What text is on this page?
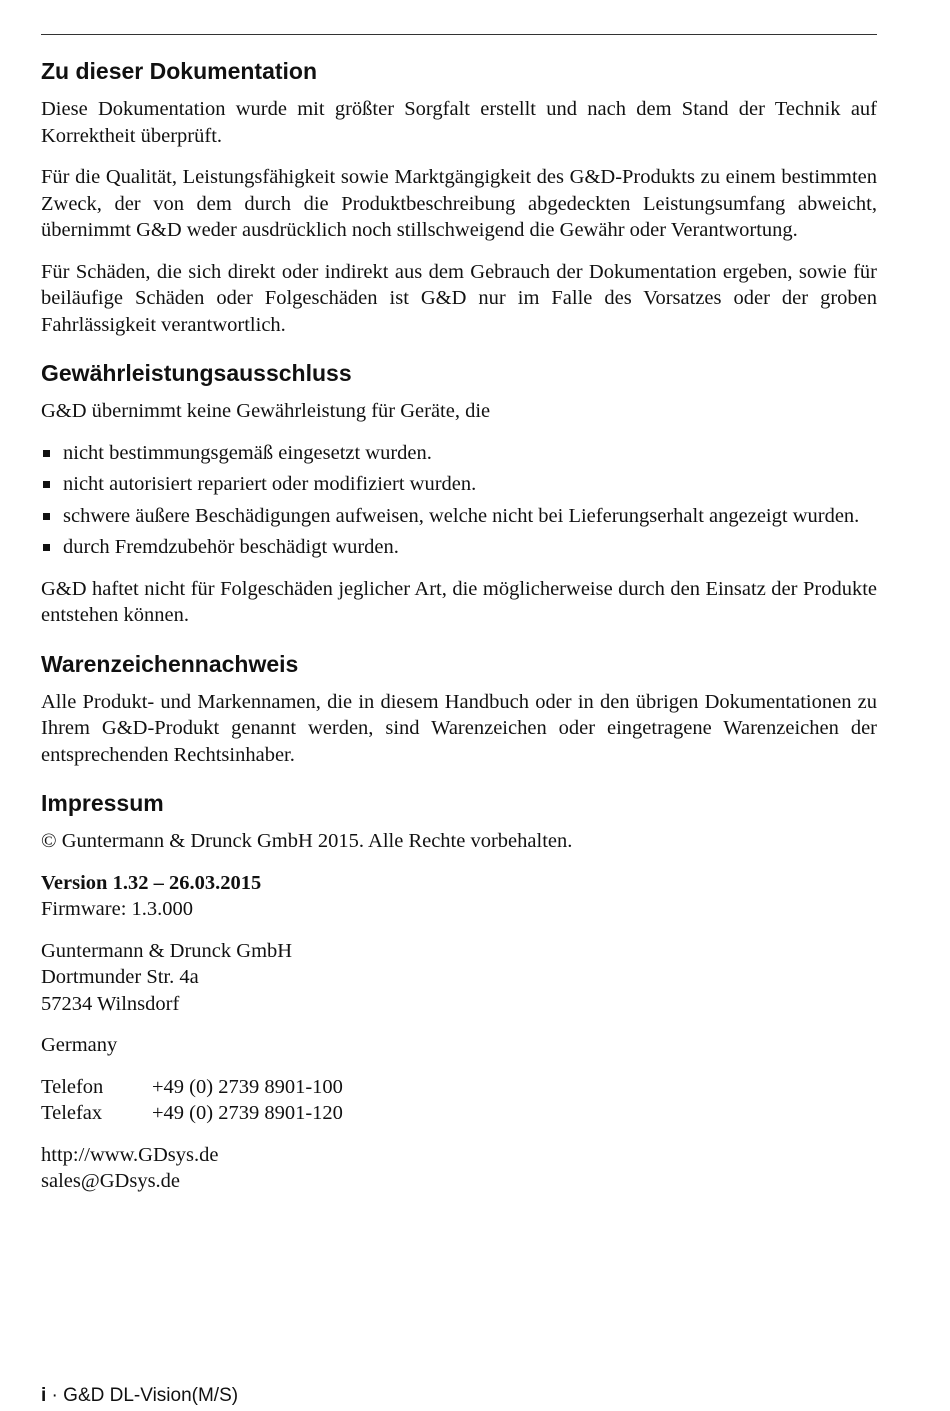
Zu dieser Dokumentation

Diese Dokumentation wurde mit größter Sorgfalt erstellt und nach dem Stand der Technik auf Korrektheit überprüft.

Für die Qualität, Leistungsfähigkeit sowie Marktgängigkeit des G&D-Produkts zu einem bestimmten Zweck, der von dem durch die Produktbeschreibung abgedeckten Leistungsumfang abweicht, übernimmt G&D weder ausdrücklich noch stillschweigend die Gewähr oder Verantwortung.

Für Schäden, die sich direkt oder indirekt aus dem Gebrauch der Dokumentation ergeben, sowie für beiläufige Schäden oder Folgeschäden ist G&D nur im Falle des Vorsatzes oder der groben Fahrlässigkeit verantwortlich.

Gewährleistungsausschluss

G&D übernimmt keine Gewährleistung für Geräte, die

nicht bestimmungsgemäß eingesetzt wurden.
nicht autorisiert repariert oder modifiziert wurden.
schwere äußere Beschädigungen aufweisen, welche nicht bei Lieferungserhalt angezeigt wurden.
durch Fremdzubehör beschädigt wurden.

G&D haftet nicht für Folgeschäden jeglicher Art, die möglicherweise durch den Einsatz der Produkte entstehen können.

Warenzeichennachweis

Alle Produkt- und Markennamen, die in diesem Handbuch oder in den übrigen Dokumentationen zu Ihrem G&D-Produkt genannt werden, sind Warenzeichen oder eingetragene Warenzeichen der entsprechenden Rechtsinhaber.

Impressum

© Guntermann & Drunck GmbH 2015. Alle Rechte vorbehalten.

Version 1.32 – 26.03.2015
Firmware: 1.3.000

Guntermann & Drunck GmbH
Dortmunder Str. 4a
57234 Wilnsdorf

Germany

Telefon	+49 (0) 2739 8901-100
Telefax	+49 (0) 2739 8901-120

http://www.GDsys.de
sales@GDsys.de

i · G&D DL-Vision(M/S)
